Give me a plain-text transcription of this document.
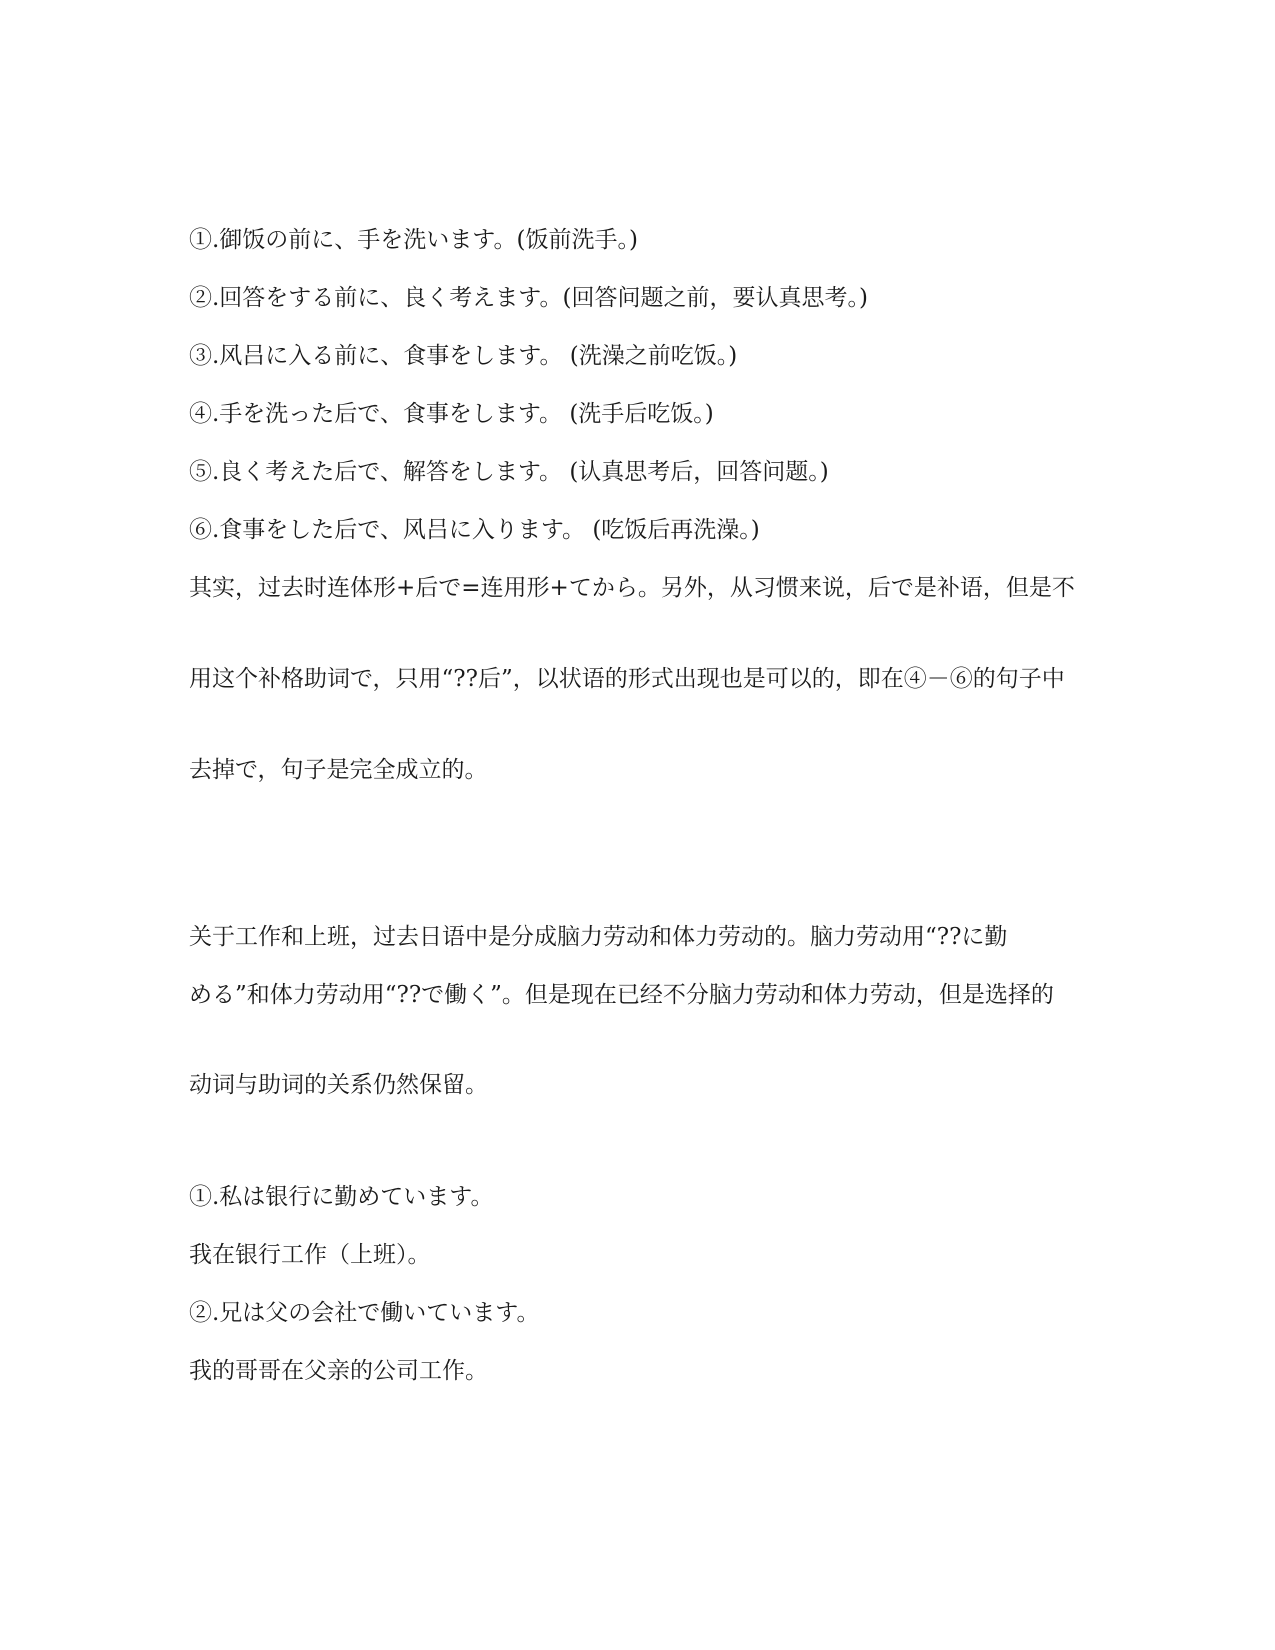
①.御饭の前に、手を洗います。(饭前洗手。)
②.回答をする前に、良く考えます。(回答问题之前，要认真思考。)
③.风吕に入る前に、食事をします。 (洗澡之前吃饭。)
④.手を洗った后で、食事をします。 (洗手后吃饭。)
⑤.良く考えた后で、解答をします。 (认真思考后，回答问题。)
⑥.食事をした后で、风吕に入ります。 (吃饭后再洗澡。)
其实，过去时连体形+后で=连用形+てから。另外，从习惯来说，后で是补语，但是不
用这个补格助词で，只用“??后”，以状语的形式出现也是可以的，即在④－⑥的句子中
去掉で，句子是完全成立的。
关于工作和上班，过去日语中是分成脑力劳动和体力劳动的。脑力劳动用“??に勤
める”和体力劳动用“??で働く”。但是现在已经不分脑力劳动和体力劳动，但是选择的
动词与助词的关系仍然保留。
①.私は银行に勤めています。
我在银行工作（上班）。
②.兄は父の会社で働いています。
我的哥哥在父亲的公司工作。
